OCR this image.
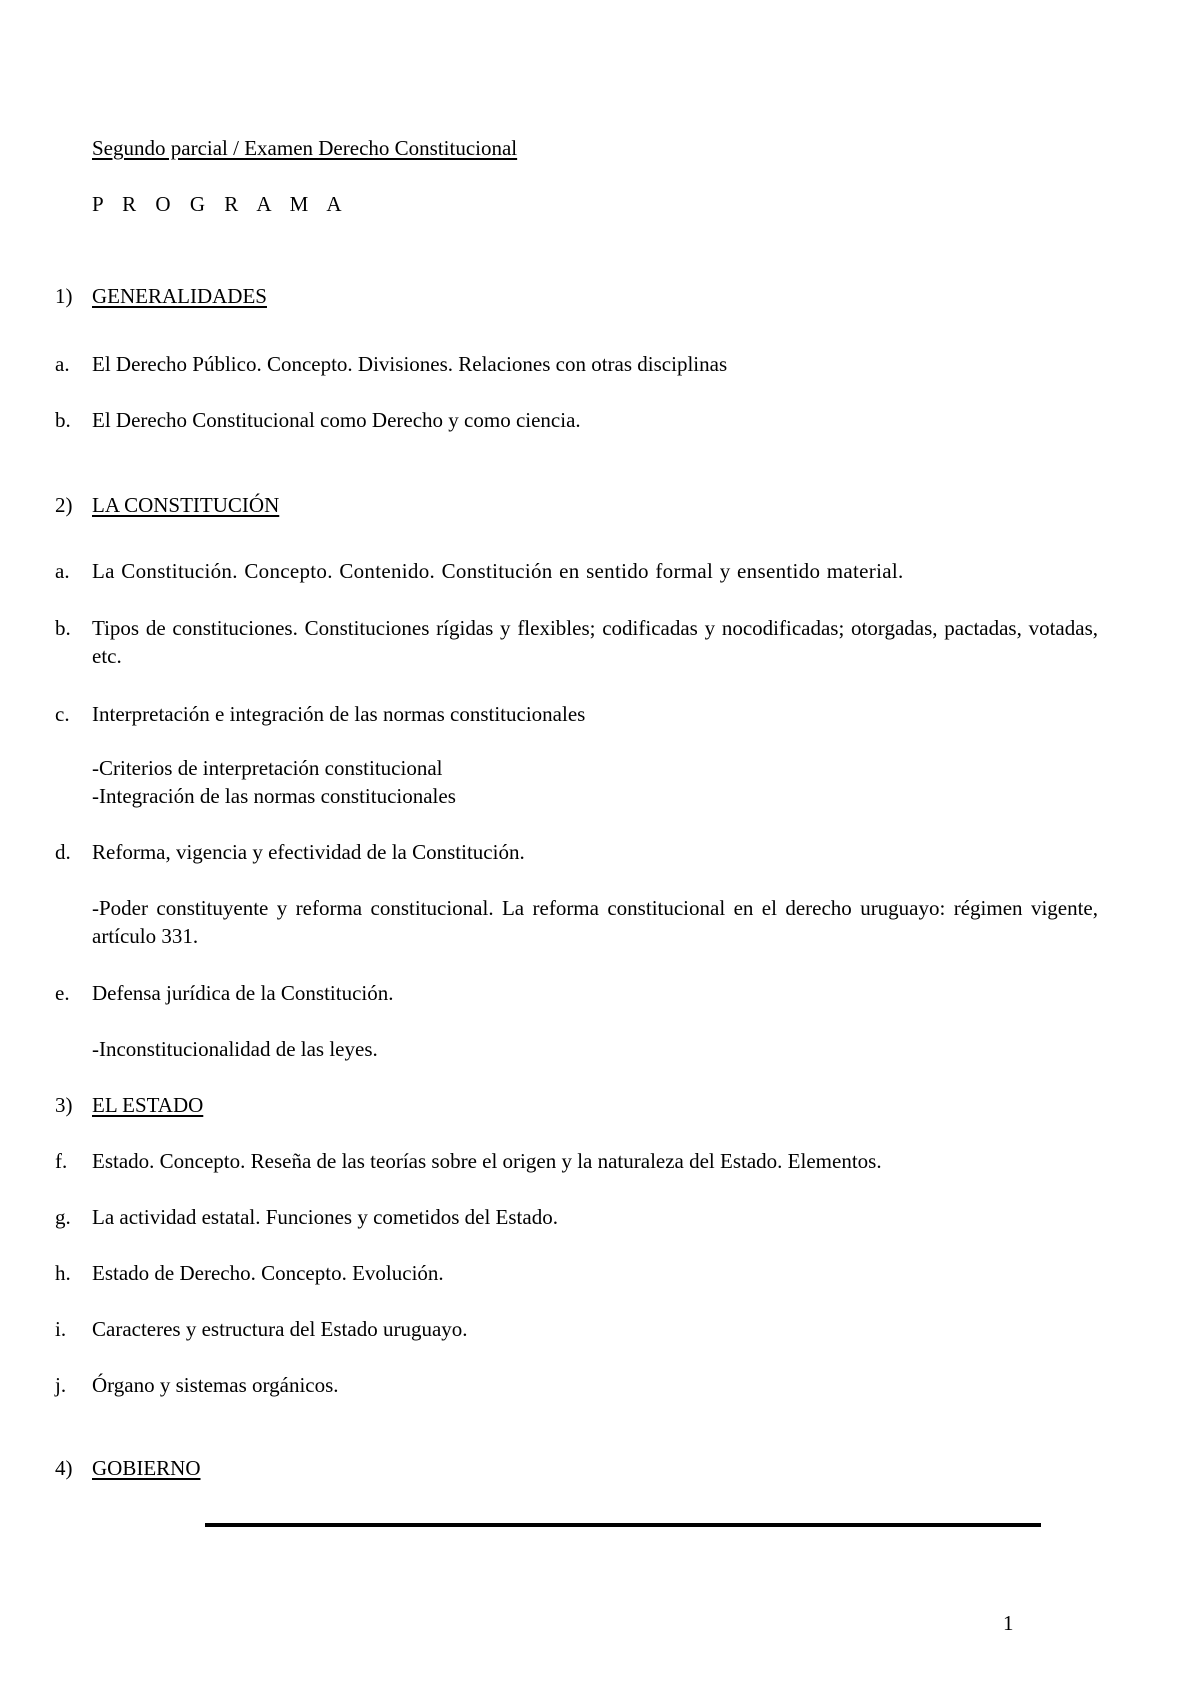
Segundo parcial / Examen Derecho Constitucional
P R O G R A M A
1) GENERALIDADES
a.	El Derecho Público. Concepto. Divisiones. Relaciones con otras disciplinas
b.	El Derecho Constitucional como Derecho y como ciencia.
2) LA CONSTITUCIÓN
a.	La Constitución. Concepto. Contenido. Constitución en sentido formal y ensentido material.
b.	Tipos de constituciones. Constituciones rígidas y flexibles; codificadas y nocodificadas; otorgadas, pactadas, votadas, etc.
c.	Interpretación e integración de las normas constitucionales
-Criterios de interpretación constitucional
-Integración de las normas constitucionales
d.	Reforma, vigencia y efectividad de la Constitución.
-Poder constituyente y reforma constitucional. La reforma constitucional en el derecho uruguayo: régimen vigente, artículo 331.
e.	Defensa jurídica de la Constitución.
-Inconstitucionalidad de las leyes.
3) EL ESTADO
f.	Estado. Concepto. Reseña de las teorías sobre el origen y la naturaleza del Estado. Elementos.
g.	La actividad estatal. Funciones y cometidos del Estado.
h.	Estado de Derecho. Concepto. Evolución.
i.	Caracteres y estructura del Estado uruguayo.
j.	Órgano y sistemas orgánicos.
4) GOBIERNO
1
